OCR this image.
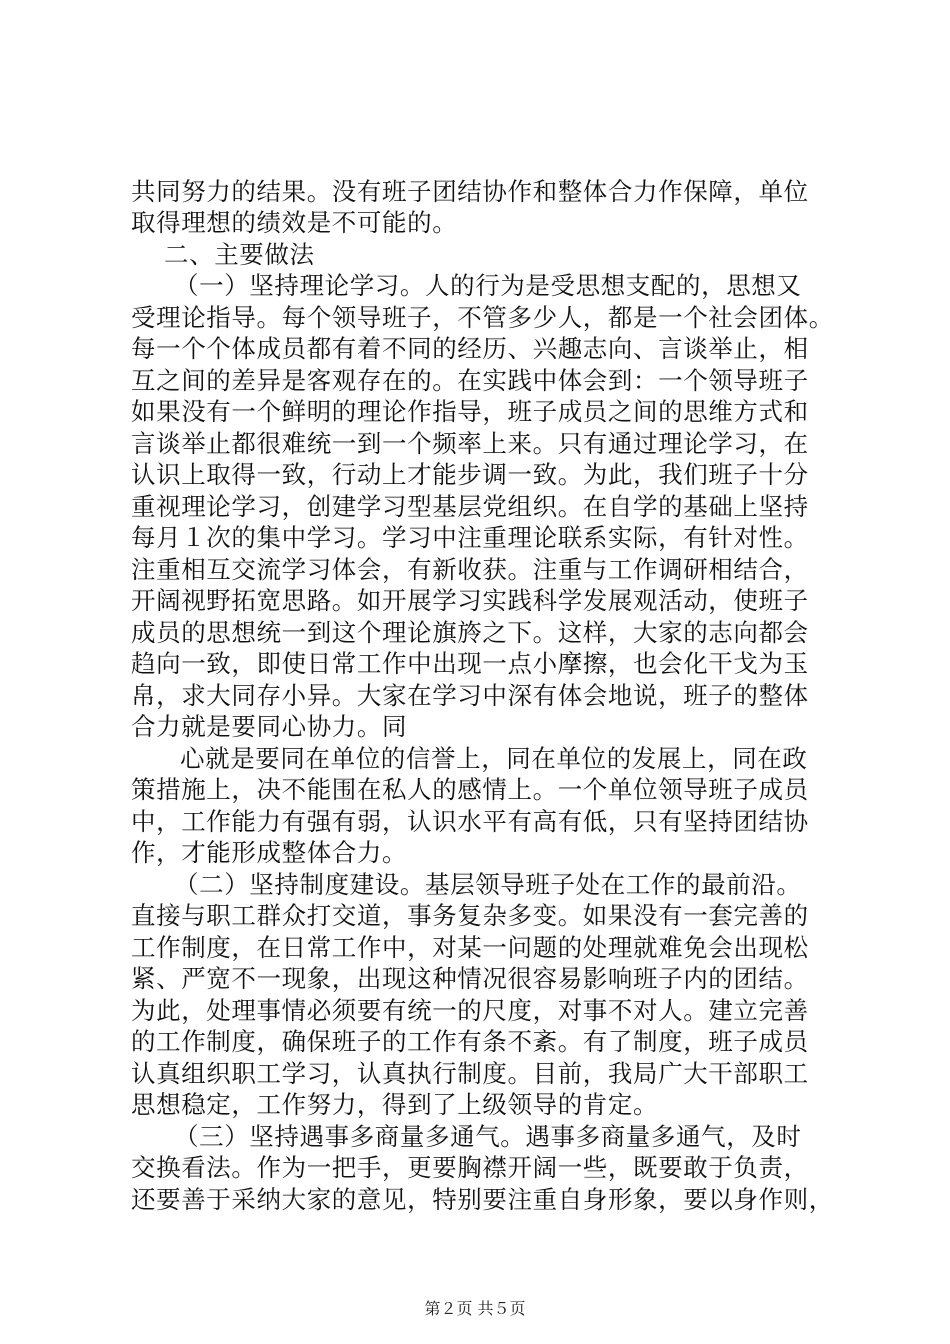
共同努力的结果。没有班子团结协作和整体合力作保障，单位
取得理想的绩效是不可能的。
二、主要做法
（一）坚持理论学习。人的行为是受思想支配的，思想又
受理论指导。每个领导班子，不管多少人，都是一个社会团体。
每一个个体成员都有着不同的经历、兴趣志向、言谈举止，相
互之间的差异是客观存在的。在实践中体会到：一个领导班子
如果没有一个鲜明的理论作指导，班子成员之间的思维方式和
言谈举止都很难统一到一个频率上来。只有通过理论学习，在
认识上取得一致，行动上才能步调一致。为此，我们班子十分
重视理论学习，创建学习型基层党组织。在自学的基础上坚持
每月１次的集中学习。学习中注重理论联系实际，有针对性。
注重相互交流学习体会，有新收获。注重与工作调研相结合，
开阔视野拓宽思路。如开展学习实践科学发展观活动，使班子
成员的思想统一到这个理论旗旍之下。这样，大家的志向都会
趋向一致，即使日常工作中出现一点小摩擦，也会化干戈为玉
帛，求大同存小异。大家在学习中深有体会地说，班子的整体
合力就是要同心协力。同
心就是要同在单位的信誉上，同在单位的发展上，同在政
策措施上，决不能围在私人的感情上。一个单位领导班子成员
中，工作能力有强有弱，认识水平有高有低，只有坚持团结协
作，才能形成整体合力。
（二）坚持制度建设。基层领导班子处在工作的最前沿。
直接与职工群众打交道，事务复杂多变。如果没有一套完善的
工作制度，在日常工作中，对某一问题的处理就难免会出现松
紧、严宽不一现象，出现这种情况很容易影响班子内的团结。
为此，处理事情必须要有统一的尺度，对事不对人。建立完善
的工作制度，确保班子的工作有条不紊。有了制度，班子成员
认真组织职工学习，认真执行制度。目前，我局广大干部职工
思想稳定，工作努力，得到了上级领导的肯定。
（三）坚持遇事多商量多通气。遇事多商量多通气，及时
交换看法。作为一把手，更要胸襟开阔一些，既要敢于负责，
还要善于采纳大家的意见，特别要注重自身形象，要以身作则，
第２页 共５页
